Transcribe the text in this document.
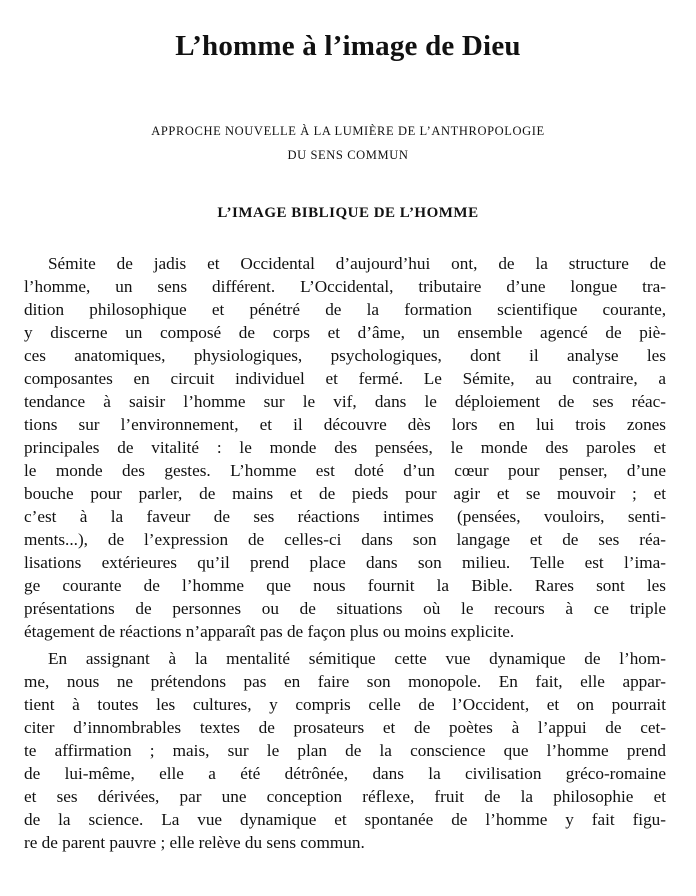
L’homme à l’image de Dieu
APPROCHE NOUVELLE À LA LUMIÈRE DE L’ANTHROPOLOGIE
DU SENS COMMUN
L’IMAGE BIBLIQUE DE L’HOMME
Sémite de jadis et Occidental d’aujourd’hui ont, de la structure de
l’homme, un sens différent. L’Occidental, tributaire d’une longue tra-
dition philosophique et pénétré de la formation scientifique courante,
y discerne un composé de corps et d’âme, un ensemble agencé de piè-
ces anatomiques, physiologiques, psychologiques, dont il analyse les
composantes en circuit individuel et fermé. Le Sémite, au contraire, a
tendance à saisir l’homme sur le vif, dans le déploiement de ses réac-
tions sur l’environnement, et il découvre dès lors en lui trois zones
principales de vitalité : le monde des pensées, le monde des paroles et
le monde des gestes. L’homme est doté d’un cœur pour penser, d’une
bouche pour parler, de mains et de pieds pour agir et se mouvoir ; et
c’est à la faveur de ses réactions intimes (pensées, vouloirs, senti-
ments...), de l’expression de celles-ci dans son langage et de ses réa-
lisations extérieures qu’il prend place dans son milieu. Telle est l’ima-
ge courante de l’homme que nous fournit la Bible. Rares sont les
présentations de personnes ou de situations où le recours à ce triple
étagement de réactions n’apparaît pas de façon plus ou moins explicite.
En assignant à la mentalité sémitique cette vue dynamique de l’hom-
me, nous ne prétendons pas en faire son monopole. En fait, elle appar-
tient à toutes les cultures, y compris celle de l’Occident, et on pourrait
citer d’innombrables textes de prosateurs et de poètes à l’appui de cet-
te affirmation ; mais, sur le plan de la conscience que l’homme prend
de lui-même, elle a été détrônée, dans la civilisation gréco-romaine
et ses dérivées, par une conception réflexe, fruit de la philosophie et
de la science. La vue dynamique et spontanée de l’homme y fait figu-
re de parent pauvre ; elle relève du sens commun.
